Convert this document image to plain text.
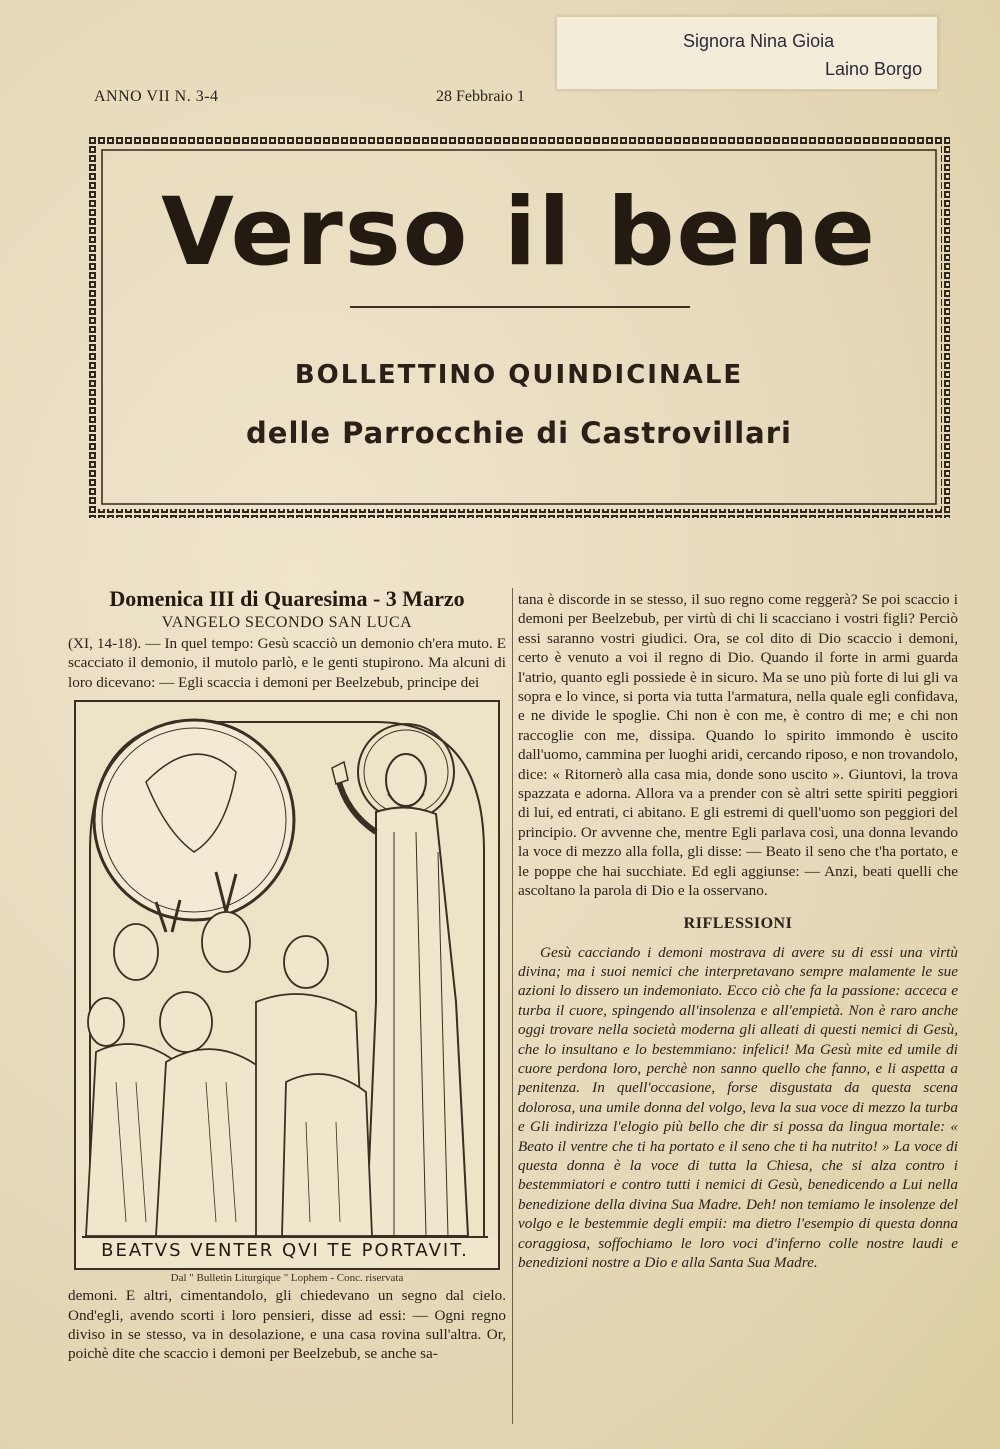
Signora Nina Gioia
Laino Borgo
ANNO VII N. 3-4	28 Febbraio 1
Verso il bene
BOLLETTINO QUINDICINALE
delle Parrocchie di Castrovillari
Domenica III di Quaresima - 3 Marzo
VANGELO SECONDO SAN LUCA

(XI, 14-18). — In quel tempo: Gesù scacciò un demonio ch'era muto. E scacciato il demonio, il mutolo parlò, e le genti stupirono. Ma alcuni di loro dicevano: — Egli scaccia i demoni per Beelzebub, principe dei

BEATVS VENTER QVI TE PORTAVIT.
Dal " Bulletin Liturgique " Lophem - Conc. riservata

demoni. E altri, cimentandolo, gli chiedevano un segno dal cielo. Ond'egli, avendo scorti i loro pensieri, disse ad essi: — Ogni regno diviso in se stesso, va in desolazione, e una casa rovina sull'altra. Or, poichè dite che scaccio i demoni per Beelzebub, se anche sa-

tana è discorde in se stesso, il suo regno come reggerà? Se poi scaccio i demoni per Beelzebub, per virtù di chi li scacciano i vostri figli? Perciò essi saranno vostri giudici. Ora, se col dito di Dio scaccio i demoni, certo è venuto a voi il regno di Dio. Quando il forte in armi guarda l'atrio, quanto egli possiede è in sicuro. Ma se uno più forte di lui gli va sopra e lo vince, si porta via tutta l'armatura, nella quale egli confidava, e ne divide le spoglie. Chi non è con me, è contro di me; e chi non raccoglie con me, dissipa. Quando lo spirito immondo è uscito dall'uomo, cammina per luoghi aridi, cercando riposo, e non trovandolo, dice: « Ritornerò alla casa mia, donde sono uscito ». Giuntovi, la trova spazzata e adorna. Allora va a prender con sè altri sette spiriti peggiori di lui, ed entrati, ci abitano. E gli estremi di quell'uomo son peggiori del principio. Or avvenne che, mentre Egli parlava così, una donna levando la voce di mezzo alla folla, gli disse: — Beato il seno che t'ha portato, e le poppe che hai succhiate. Ed egli aggiunse: — Anzi, beati quelli che ascoltano la parola di Dio e la osservano.

RIFLESSIONI

Gesù cacciando i demoni mostrava di avere su di essi una virtù divina; ma i suoi nemici che interpretavano sempre malamente le sue azioni lo dissero un indemoniato. Ecco ciò che fa la passione: acceca e turba il cuore, spingendo all'insolenza e all'empietà. Non è raro anche oggi trovare nella società moderna gli alleati di questi nemici di Gesù, che lo insultano e lo bestemmiano: infelici! Ma Gesù mite ed umile di cuore perdona loro, perchè non sanno quello che fanno, e li aspetta a penitenza. In quell'occasione, forse disgustata da questa scena dolorosa, una umile donna del volgo, leva la sua voce di mezzo la turba e Gli indirizza l'elogio più bello che dir si possa da lingua mortale: « Beato il ventre che ti ha portato e il seno che ti ha nutrito! » La voce di questa donna è la voce di tutta la Chiesa, che si alza contro i bestemmiatori e contro tutti i nemici di Gesù, benedicendo a Lui nella benedizione della divina Sua Madre. Deh! non temiamo le insolenze del volgo e le bestemmie degli empii: ma dietro l'esempio di questa donna coraggiosa, soffochiamo le loro voci d'inferno colle nostre laudi e benedizioni nostre a Dio e alla Santa Sua Madre.
